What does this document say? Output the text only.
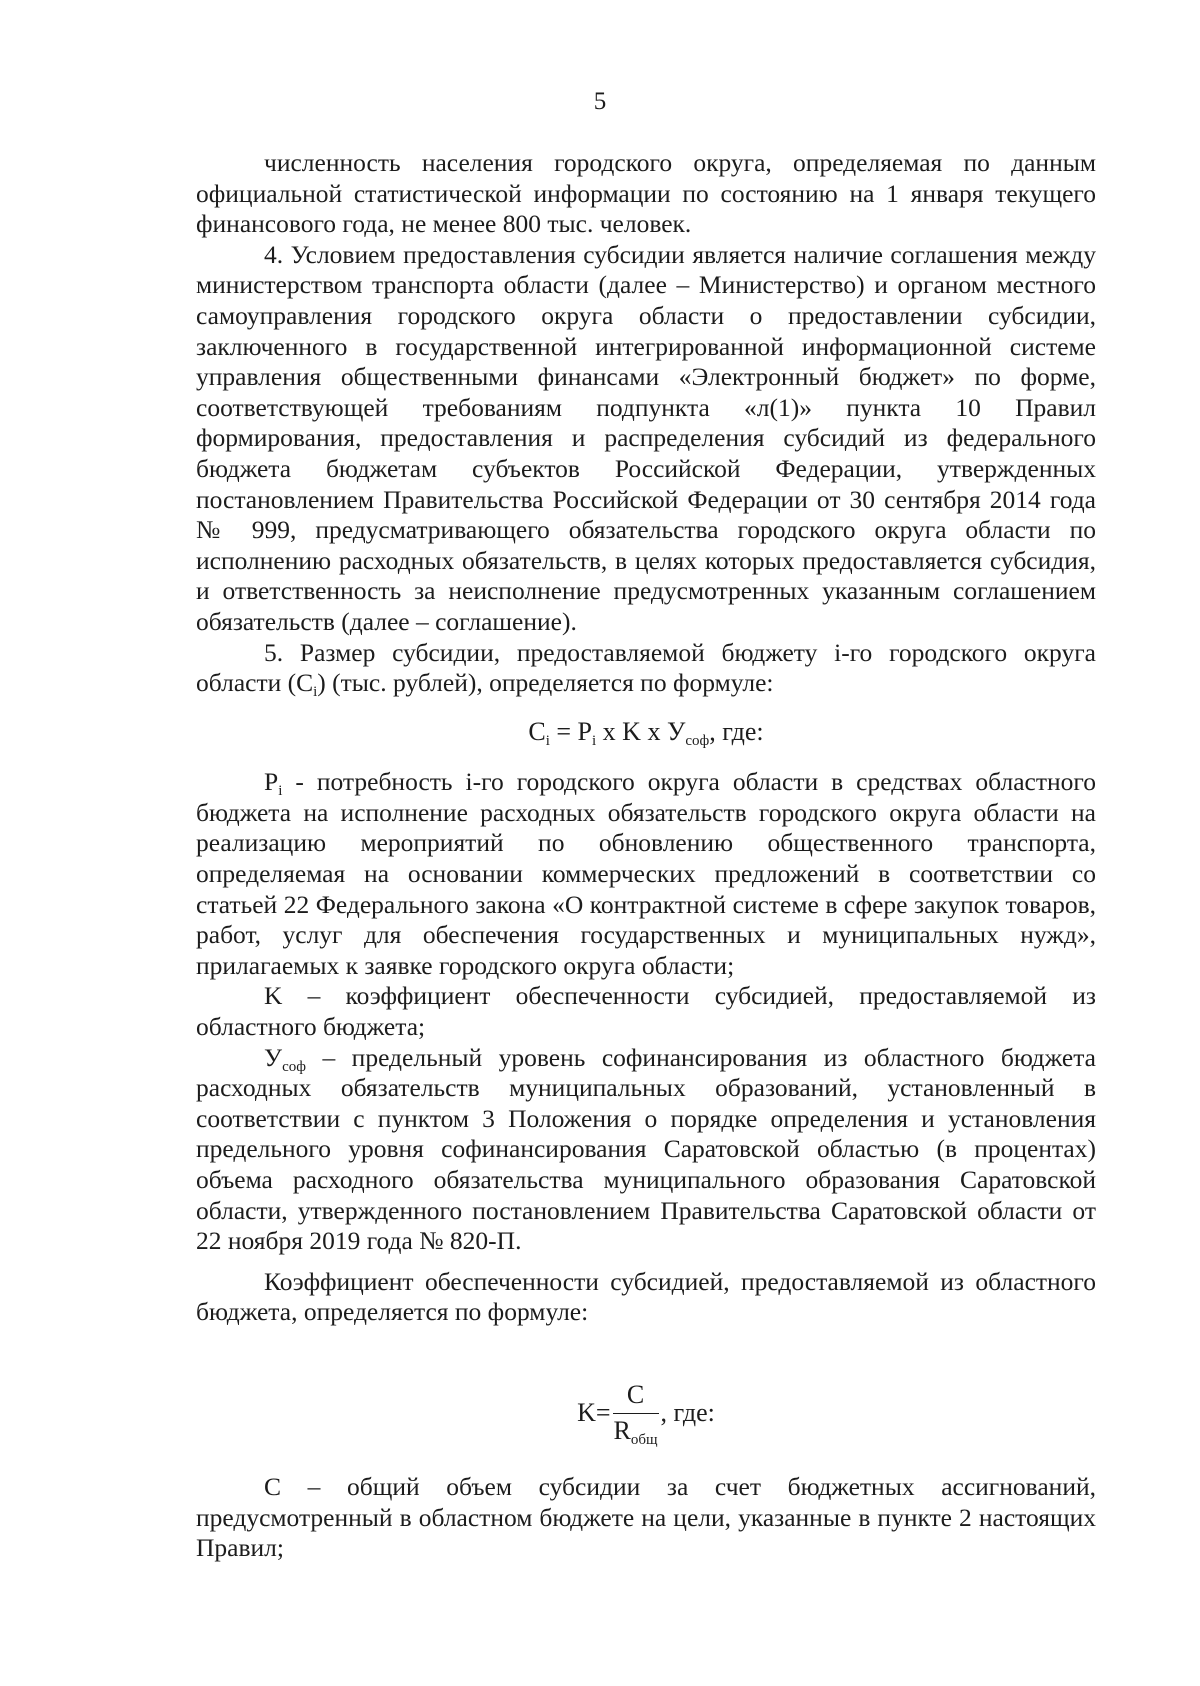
5

численность населения городского округа, определяемая по данным официальной статистической информации по состоянию на 1 января текущего финансового года, не менее 800 тыс. человек.

4. Условием предоставления субсидии является наличие соглашения между министерством транспорта области (далее – Министерство) и органом местного самоуправления городского округа области о предоставлении субсидии, заключенного в государственной интегрированной информационной системе управления общественными финансами «Электронный бюджет» по форме, соответствующей требованиям подпункта «л(1)» пункта 10 Правил формирования, предоставления и распределения субсидий из федерального бюджета бюджетам субъектов Российской Федерации, утвержденных постановлением Правительства Российской Федерации от 30 сентября 2014 года № 999, предусматривающего обязательства городского округа области по исполнению расходных обязательств, в целях которых предоставляется субсидия, и ответственность за неисполнение предусмотренных указанным соглашением обязательств (далее – соглашение).

5. Размер субсидии, предоставляемой бюджету i-го городского округа области $(C_i)$ (тыс. рублей), определяется по формуле:

$C_i = P_i$ x K x $У_{соф}$, где:

$P_i$ - потребность i-го городского округа области в средствах областного бюджета на исполнение расходных обязательств городского округа области на реализацию мероприятий по обновлению общественного транспорта, определяемая на основании коммерческих предложений в соответствии со статьей 22 Федерального закона «О контрактной системе в сфере закупок товаров, работ, услуг для обеспечения государственных и муниципальных нужд», прилагаемых к заявке городского округа области;

K – коэффициент обеспеченности субсидией, предоставляемой из областного бюджета;

$У_{соф}$ – предельный уровень софинансирования из областного бюджета расходных обязательств муниципальных образований, установленный в соответствии с пунктом 3 Положения о порядке определения и установления предельного уровня софинансирования Саратовской областью (в процентах) объема расходного обязательства муниципального образования Саратовской области, утвержденного постановлением Правительства Саратовской области от 22 ноября 2019 года № 820-П.

Коэффициент обеспеченности субсидией, предоставляемой из областного бюджета, определяется по формуле:

$K= \frac{C}{R_{общ}}$ , где:

C – общий объем субсидии за счет бюджетных ассигнований, предусмотренный в областном бюджете на цели, указанные в пункте 2 настоящих Правил;
